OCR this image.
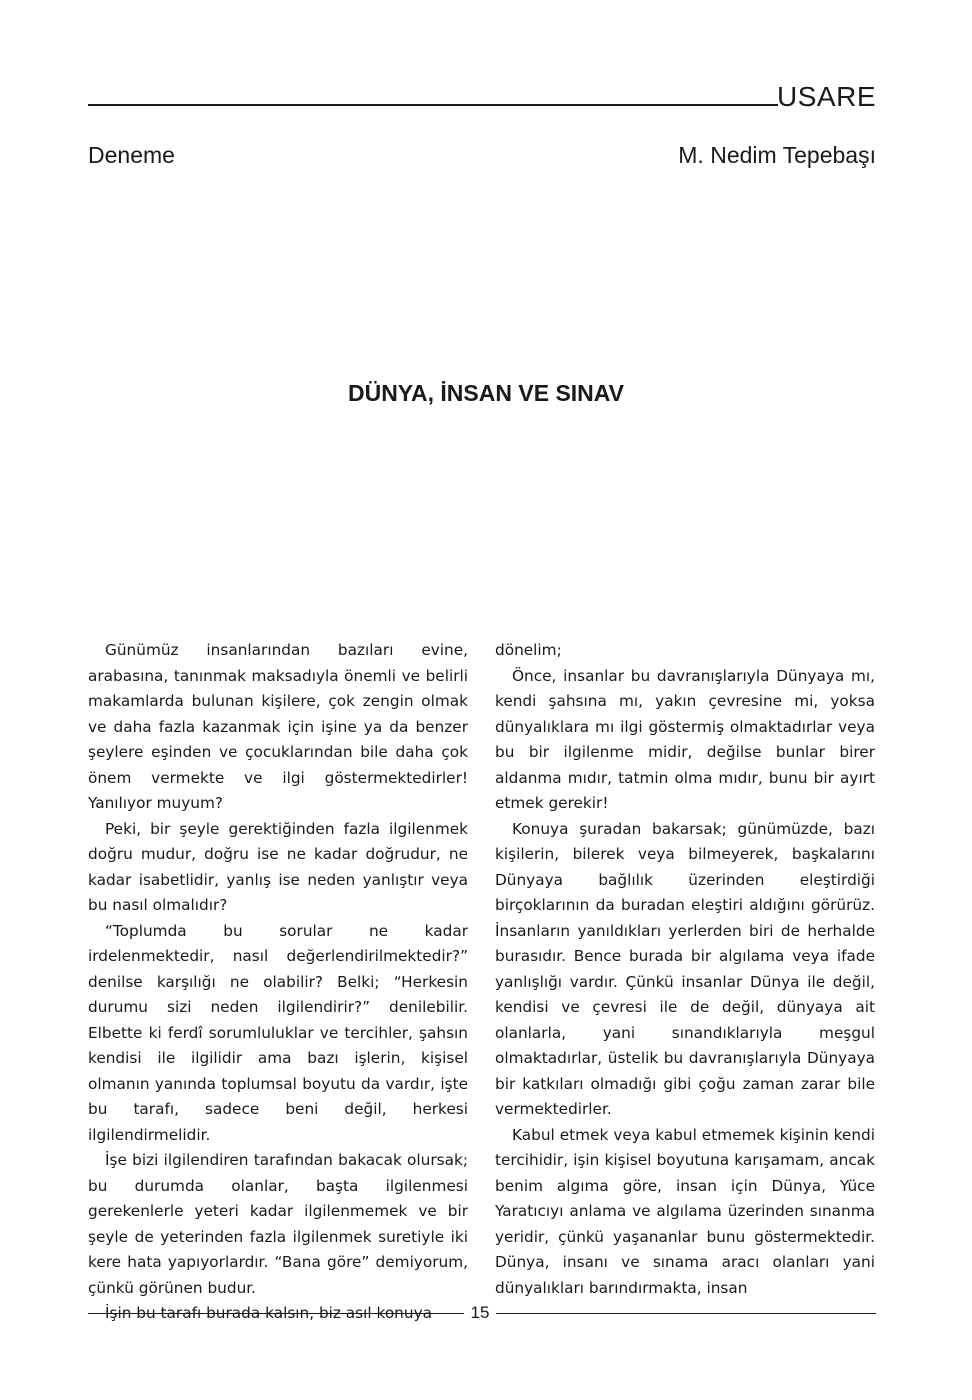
USARE
Deneme	M. Nedim Tepebaşı
DÜNYA, İNSAN VE SINAV

Günümüz insanlarından bazıları evine, arabasına, tanınmak maksadıyla önemli ve belirli makamlarda bulunan kişilere, çok zengin olmak ve daha fazla kazanmak için işine ya da benzer şeylere eşinden ve çocuklarından bile daha çok önem vermekte ve ilgi göstermektedirler! Yanılıyor muyum?

Peki, bir şeyle gerektiğinden fazla ilgilenmek doğru mudur, doğru ise ne kadar doğrudur, ne kadar isabetlidir, yanlış ise neden yanlıştır veya bu nasıl olmalıdır?

“Toplumda bu sorular ne kadar irdelenmektedir, nasıl değerlendirilmektedir?” denilse karşılığı ne olabilir? Belki; “Herkesin durumu sizi neden ilgilendirir?” denilebilir. Elbette ki ferdî sorumluluklar ve tercihler, şahsın kendisi ile ilgilidir ama bazı işlerin, kişisel olmanın yanında toplumsal boyutu da vardır, işte bu tarafı, sadece beni değil, herkesi ilgilendirmelidir.

İşe bizi ilgilendiren tarafından bakacak olursak; bu durumda olanlar, başta ilgilenmesi gerekenlerle yeteri kadar ilgilenmemek ve bir şeyle de yeterinden fazla ilgilenmek suretiyle iki kere hata yapıyorlardır. “Bana göre” demiyorum, çünkü görünen budur.

İşin bu tarafı burada kalsın, biz asıl konuya

dönelim;

Önce, insanlar bu davranışlarıyla Dünyaya mı, kendi şahsına mı, yakın çevresine mi, yoksa dünyalıklara mı ilgi göstermiş olmaktadırlar veya bu bir ilgilenme midir, değilse bunlar birer aldanma mıdır, tatmin olma mıdır, bunu bir ayırt etmek gerekir!

Konuya şuradan bakarsak; günümüzde, bazı kişilerin, bilerek veya bilmeyerek, başkalarını Dünyaya bağlılık üzerinden eleştirdiği birçoklarının da buradan eleştiri aldığını görürüz. İnsanların yanıldıkları yerlerden biri de herhalde burasıdır. Bence burada bir algılama veya ifade yanlışlığı vardır. Çünkü insanlar Dünya ile değil, kendisi ve çevresi ile de değil, dünyaya ait olanlarla, yani sınandıklarıyla meşgul olmaktadırlar, üstelik bu davranışlarıyla Dünyaya bir katkıları olmadığı gibi çoğu zaman zarar bile vermektedirler.

Kabul etmek veya kabul etmemek kişinin kendi tercihidir, işin kişisel boyutuna karışamam, ancak benim algıma göre, insan için Dünya, Yüce Yaratıcıyı anlama ve algılama üzerinden sınanma yeridir, çünkü yaşananlar bunu göstermektedir. Dünya, insanı ve sınama aracı olanları yani dünyalıkları barındırmakta, insan

15
